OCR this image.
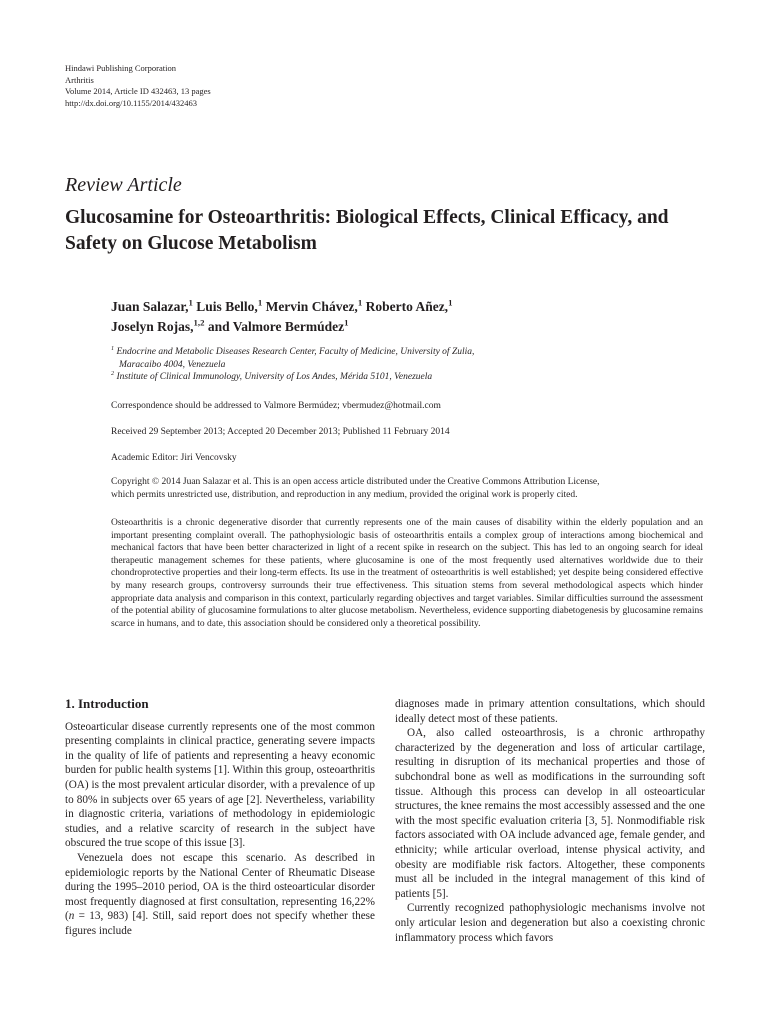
Hindawi Publishing Corporation
Arthritis
Volume 2014, Article ID 432463, 13 pages
http://dx.doi.org/10.1155/2014/432463
Review Article
Glucosamine for Osteoarthritis: Biological Effects, Clinical Efficacy, and Safety on Glucose Metabolism
Juan Salazar,$^1$ Luis Bello,$^1$ Mervin Chávez,$^1$ Roberto Añez,$^1$
Joselyn Rojas,$^{1,2}$ and Valmore Bermúdez$^1$
$^1$ Endocrine and Metabolic Diseases Research Center, Faculty of Medicine, University of Zulia,
Maracaibo 4004, Venezuela
$^2$ Institute of Clinical Immunology, University of Los Andes, Mérida 5101, Venezuela
Correspondence should be addressed to Valmore Bermúdez; vbermudez@hotmail.com
Received 29 September 2013; Accepted 20 December 2013; Published 11 February 2014
Academic Editor: Jiri Vencovsky
Copyright © 2014 Juan Salazar et al. This is an open access article distributed under the Creative Commons Attribution License,
which permits unrestricted use, distribution, and reproduction in any medium, provided the original work is properly cited.
Osteoarthritis is a chronic degenerative disorder that currently represents one of the main causes of disability within the elderly population and an important presenting complaint overall. The pathophysiologic basis of osteoarthritis entails a complex group of interactions among biochemical and mechanical factors that have been better characterized in light of a recent spike in research on the subject. This has led to an ongoing search for ideal therapeutic management schemes for these patients, where glucosamine is one of the most frequently used alternatives worldwide due to their chondroprotective properties and their long-term effects. Its use in the treatment of osteoarthritis is well established; yet despite being considered effective by many research groups, controversy surrounds their true effectiveness. This situation stems from several methodological aspects which hinder appropriate data analysis and comparison in this context, particularly regarding objectives and target variables. Similar difficulties surround the assessment of the potential ability of glucosamine formulations to alter glucose metabolism. Nevertheless, evidence supporting diabetogenesis by glucosamine remains scarce in humans, and to date, this association should be considered only a theoretical possibility.
1. Introduction

Osteoarticular disease currently represents one of the most common presenting complaints in clinical practice, generating severe impacts in the quality of life of patients and representing a heavy economic burden for public health systems [1]. Within this group, osteoarthritis (OA) is the most prevalent articular disorder, with a prevalence of up to 80% in subjects over 65 years of age [2]. Nevertheless, variability in diagnostic criteria, variations of methodology in epidemiologic studies, and a relative scarcity of research in the subject have obscured the true scope of this issue [3].

Venezuela does not escape this scenario. As described in epidemiologic reports by the National Center of Rheumatic Disease during the 1995–2010 period, OA is the third osteoarticular disorder most frequently diagnosed at first consultation, representing 16,22% (n = 13, 983) [4]. Still, said report does not specify whether these figures include

diagnoses made in primary attention consultations, which should ideally detect most of these patients.

OA, also called osteoarthrosis, is a chronic arthropathy characterized by the degeneration and loss of articular cartilage, resulting in disruption of its mechanical properties and those of subchondral bone as well as modifications in the surrounding soft tissue. Although this process can develop in all osteoarticular structures, the knee remains the most accessibly assessed and the one with the most specific evaluation criteria [3, 5]. Nonmodifiable risk factors associated with OA include advanced age, female gender, and ethnicity; while articular overload, intense physical activity, and obesity are modifiable risk factors. Altogether, these components must all be included in the integral management of this kind of patients [5].

Currently recognized pathophysiologic mechanisms involve not only articular lesion and degeneration but also a coexisting chronic inflammatory process which favors
